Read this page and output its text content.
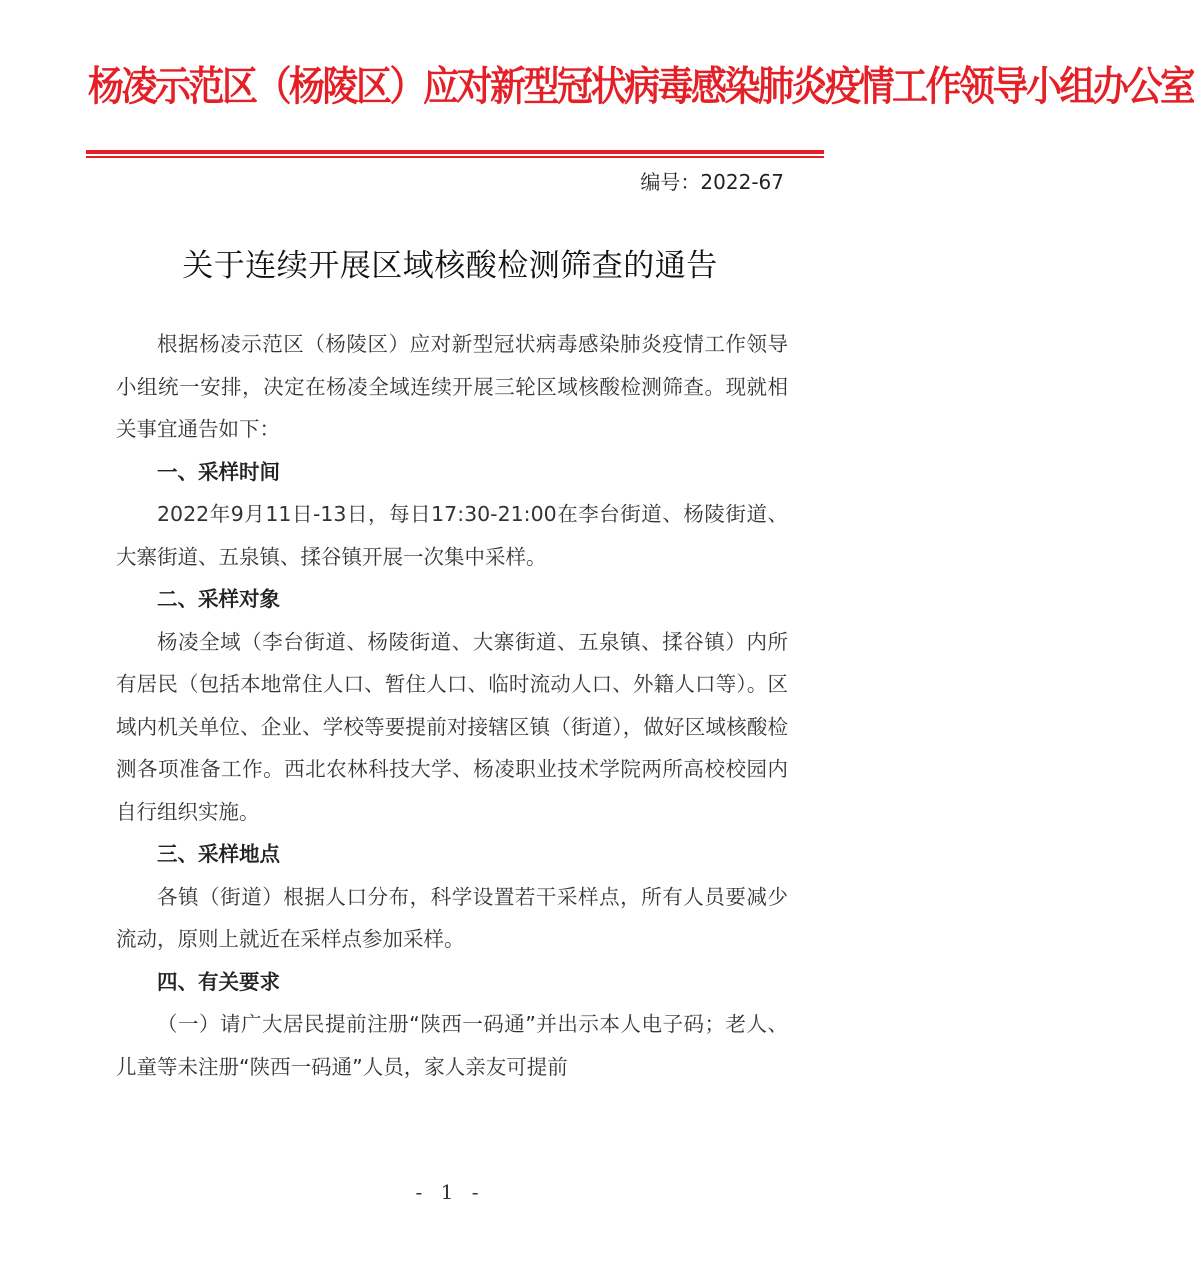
杨凌示范区（杨陵区）应对新型冠状病毒感染肺炎疫情工作领导小组办公室
编号：2022-67
关于连续开展区域核酸检测筛查的通告

根据杨凌示范区（杨陵区）应对新型冠状病毒感染肺炎疫情工作领导小组统一安排，决定在杨凌全域连续开展三轮区域核酸检测筛查。现就相关事宜通告如下：

一、采样时间

2022年9月11日-13日，每日17:30-21:00在李台街道、杨陵街道、大寨街道、五泉镇、揉谷镇开展一次集中采样。

二、采样对象

杨凌全域（李台街道、杨陵街道、大寨街道、五泉镇、揉谷镇）内所有居民（包括本地常住人口、暂住人口、临时流动人口、外籍人口等）。区域内机关单位、企业、学校等要提前对接辖区镇（街道），做好区域核酸检测各项准备工作。西北农林科技大学、杨凌职业技术学院两所高校校园内自行组织实施。

三、采样地点

各镇（街道）根据人口分布，科学设置若干采样点，所有人员要减少流动，原则上就近在采样点参加采样。

四、有关要求

（一）请广大居民提前注册“陕西一码通”并出示本人电子码；老人、儿童等未注册“陕西一码通”人员，家人亲友可提前

- 1 -
